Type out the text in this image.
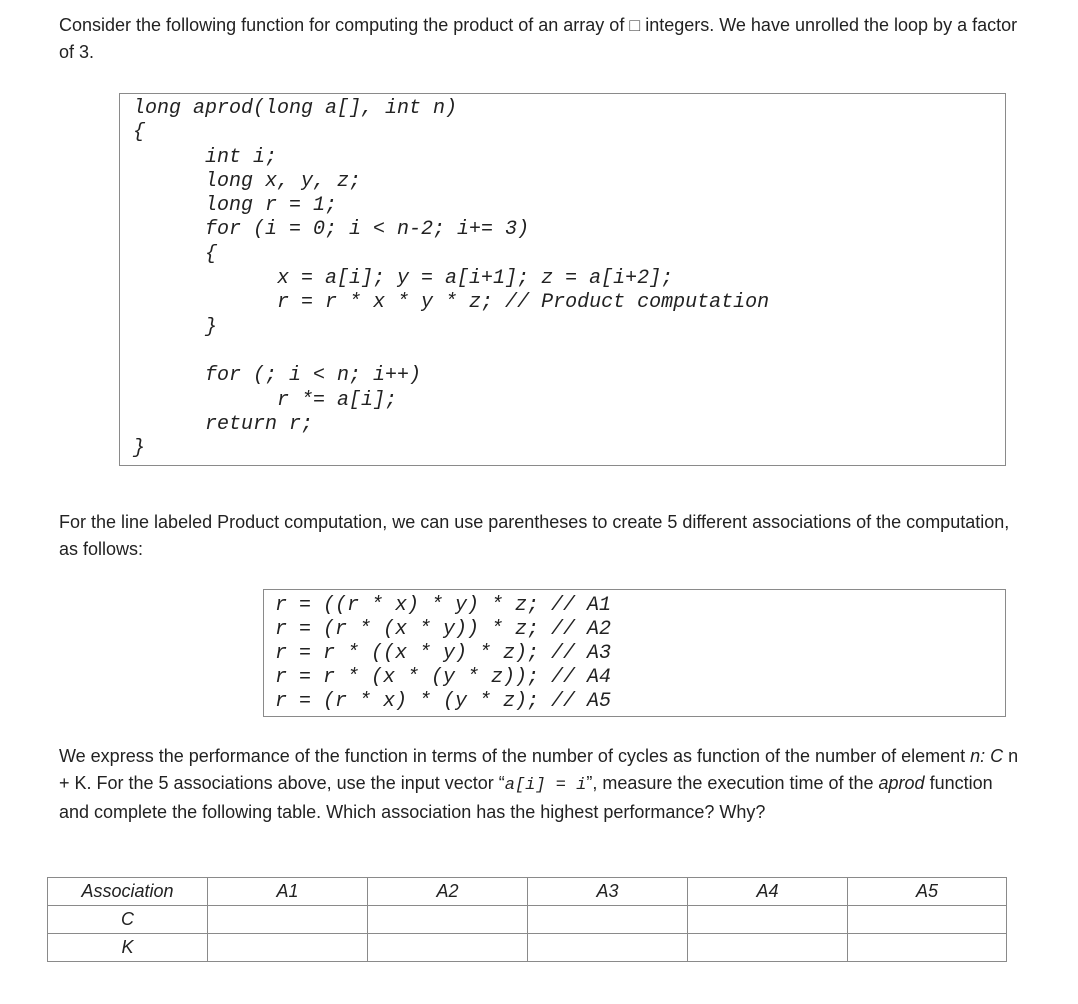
Consider the following function for computing the product of an array of □ integers. We have unrolled the loop by a factor of 3.

long aprod(long a[], int n)
{
int i;
long x, y, z;
long r = 1;
for (i = 0; i < n-2; i+= 3)
{
x = a[i]; y = a[i+1]; z = a[i+2];
r = r * x * y * z; // Product computation
}

for (; i < n; i++)
r *= a[i];
return r;
}

For the line labeled Product computation, we can use parentheses to create 5 different associations of the computation, as follows:

r = ((r * x) * y) * z; // A1
r = (r * (x * y)) * z; // A2
r = r * ((x * y) * z); // A3
r = r * (x * (y * z)); // A4
r = (r * x) * (y * z); // A5

We express the performance of the function in terms of the number of cycles as function of the number of element n: C n + K. For the 5 associations above, use the input vector “a[i] = i”, measure the execution time of the aprod function and complete the following table. Which association has the highest performance? Why?

Association	A1	A2	A3	A4	A5
C					
K					
